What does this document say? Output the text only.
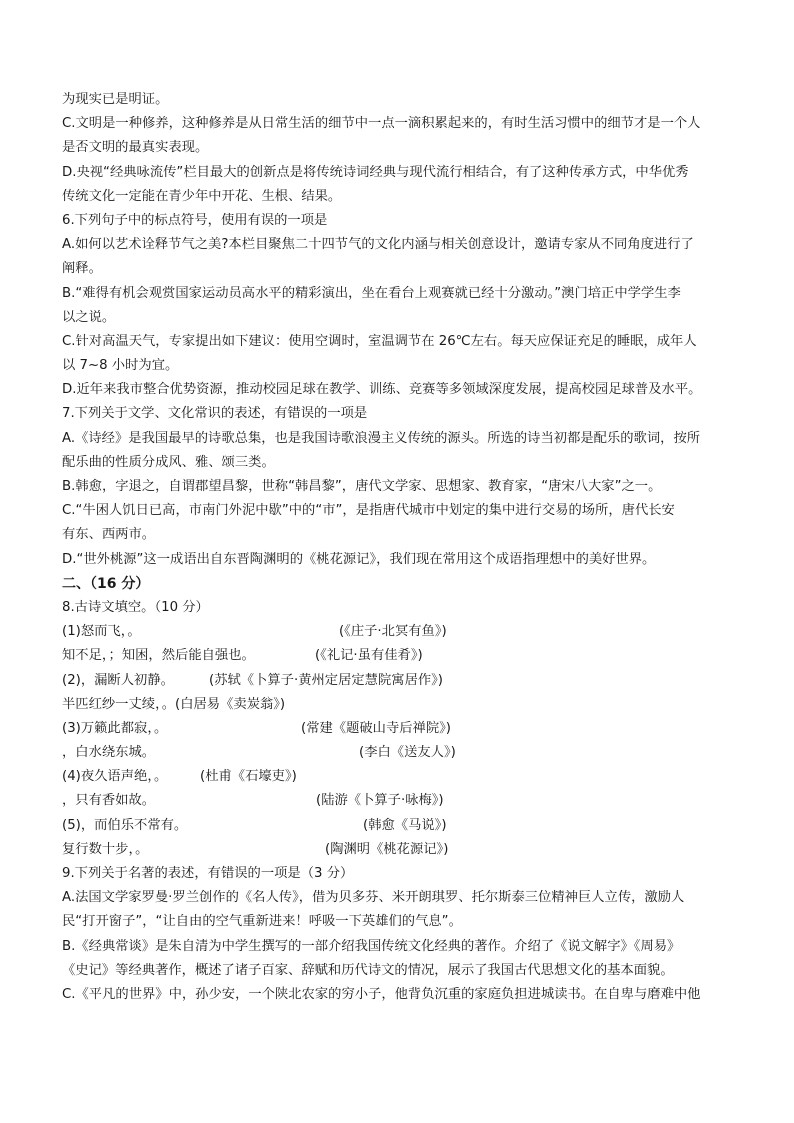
为现实已是明证。
C.文明是一种修养，这种修养是从日常生活的细节中一点一滴积累起来的，有时生活习惯中的细节才是一个人
是否文明的最真实表现。
D.央视“经典咏流传”栏目最大的创新点是将传统诗词经典与现代流行相结合，有了这种传承方式，中华优秀
传统文化一定能在青少年中开花、生根、结果。
6.下列句子中的标点符号，使用有误的一项是
A.如何以艺术诠释节气之美?本栏目聚焦二十四节气的文化内涵与相关创意设计，邀请专家从不同角度进行了
阐释。
B.“难得有机会观赏国家运动员高水平的精彩演出，坐在看台上观赛就已经十分激动。”澳门培正中学学生李
以之说。
C.针对高温天气，专家提出如下建议：使用空调时，室温调节在 26℃左右。每天应保证充足的睡眠，成年人
以 7~8 小时为宜。
D.近年来我市整合优势资源，推动校园足球在教学、训练、竞赛等多领域深度发展，提高校园足球普及水平。
7.下列关于文学、文化常识的表述，有错误的一项是
A.《诗经》是我国最早的诗歌总集，也是我国诗歌浪漫主义传统的源头。所选的诗当初都是配乐的歌词，按所
配乐曲的性质分成风、雅、颂三类。
B.韩愈，字退之，自谓郡望昌黎，世称“韩昌黎”，唐代文学家、思想家、教育家，“唐宋八大家”之一。
C.“牛困人饥日已高，市南门外泥中歇”中的“市”，是指唐代城市中划定的集中进行交易的场所，唐代长安
有东、西两市。
D.“世外桃源”这一成语出自东晋陶渊明的《桃花源记》，我们现在常用这个成语指理想中的美好世界。
二、（16 分）
8.古诗文填空。（10 分）
(1)怒而飞，。	(《庄子·北冥有鱼》)
知不足，；知困，然后能自强也。	(《礼记·虽有佳肴》)
(2)，漏断人初静。	(苏轼《卜算子·黄州定居定慧院寓居作》)
半匹红纱一丈绫，。(白居易《卖炭翁》)
(3)万籁此都寂，。	(常建《题破山寺后禅院》)
，白水绕东城。	(李白《送友人》)
(4)夜久语声绝，。 (杜甫《石壕吏》)
，只有香如故。	(陆游《卜算子·咏梅》)
(5)，而伯乐不常有。	(韩愈《马说》)
复行数十步，。	(陶渊明《桃花源记》)
9.下列关于名著的表述，有错误的一项是（3 分）
A.法国文学家罗曼·罗兰创作的《名人传》，借为贝多芬、米开朗琪罗、托尔斯泰三位精神巨人立传，激励人
民“打开窗子”，“让自由的空气重新进来！呼吸一下英雄们的气息”。
B.《经典常谈》是朱自清为中学生撰写的一部介绍我国传统文化经典的著作。介绍了《说文解字》《周易》
《史记》等经典著作，概述了诸子百家、辞赋和历代诗文的情况，展示了我国古代思想文化的基本面貌。
C.《平凡的世界》中，孙少安，一个陕北农家的穷小子，他背负沉重的家庭负担进城读书。在自卑与磨难中他
